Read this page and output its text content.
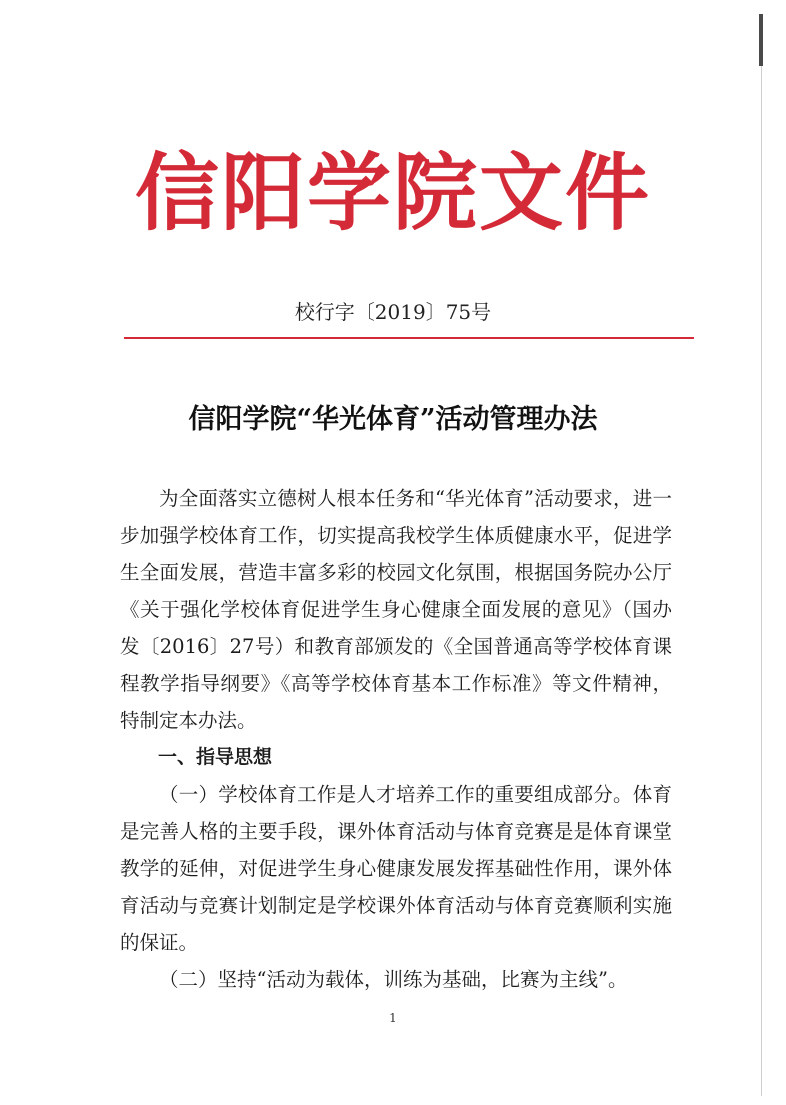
信阳学院文件
校行字〔2019〕75号
信阳学院“华光体育”活动管理办法

为全面落实立德树人根本任务和“华光体育”活动要求，进一步加强学校体育工作，切实提高我校学生体质健康水平，促进学生全面发展，营造丰富多彩的校园文化氛围，根据国务院办公厅《关于强化学校体育促进学生身心健康全面发展的意见》（国办发〔2016〕27号）和教育部颁发的《全国普通高等学校体育课程教学指导纲要》《高等学校体育基本工作标准》等文件精神，特制定本办法。

一、指导思想

（一）学校体育工作是人才培养工作的重要组成部分。体育是完善人格的主要手段，课外体育活动与体育竞赛是是体育课堂教学的延伸，对促进学生身心健康发展发挥基础性作用，课外体育活动与竞赛计划制定是学校课外体育活动与体育竞赛顺利实施的保证。

（二）坚持“活动为载体，训练为基础，比赛为主线”。

1
